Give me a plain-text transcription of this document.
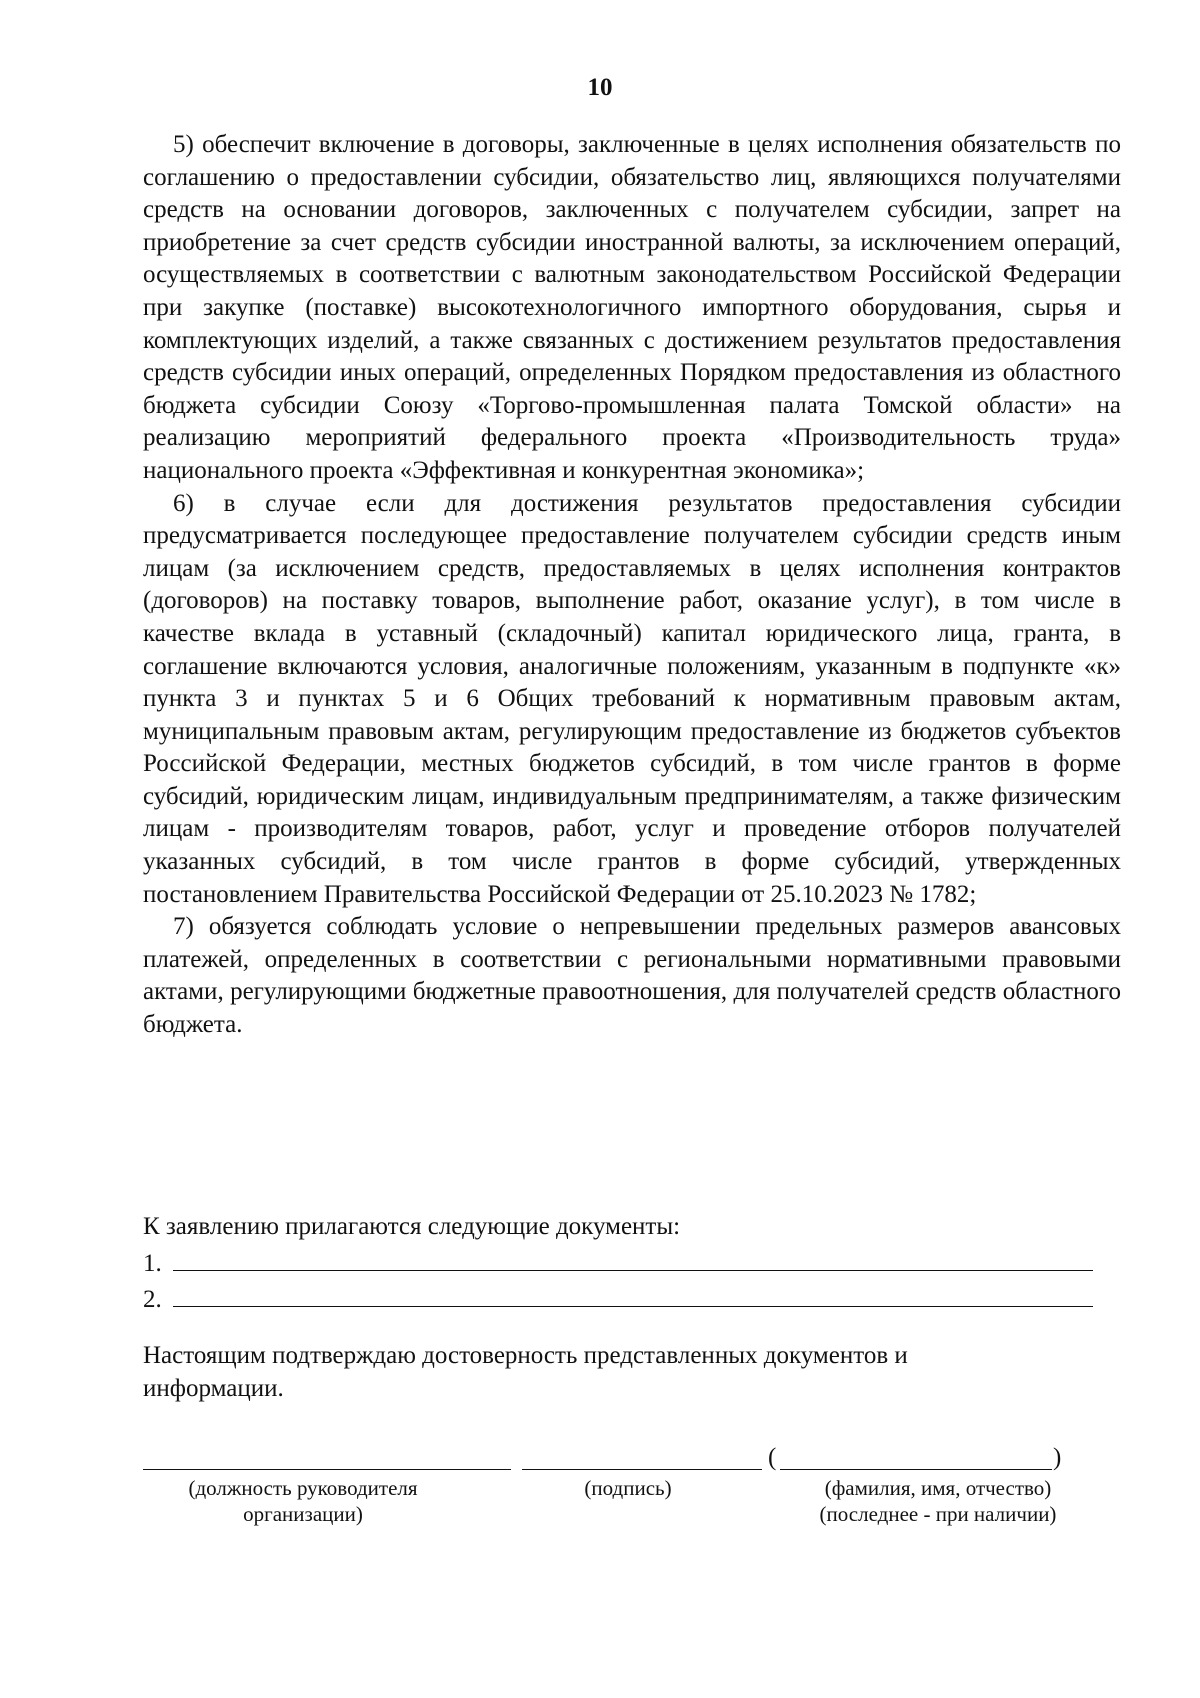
10

5) обеспечит включение в договоры, заключенные в целях исполнения обязательств по соглашению о предоставлении субсидии, обязательство лиц, являющихся получателями средств на основании договоров, заключенных с получателем субсидии, запрет на приобретение за счет средств субсидии иностранной валюты, за исключением операций, осуществляемых в соответствии с валютным законодательством Российской Федерации при закупке (поставке) высокотехнологичного импортного оборудования, сырья и комплектующих изделий, а также связанных с достижением результатов предоставления средств субсидии иных операций, определенных Порядком предоставления из областного бюджета субсидии Союзу «Торгово-промышленная палата Томской области» на реализацию мероприятий федерального проекта «Производительность труда» национального проекта «Эффективная и конкурентная экономика»;

6) в случае если для достижения результатов предоставления субсидии предусматривается последующее предоставление получателем субсидии средств иным лицам (за исключением средств, предоставляемых в целях исполнения контрактов (договоров) на поставку товаров, выполнение работ, оказание услуг), в том числе в качестве вклада в уставный (складочный) капитал юридического лица, гранта, в соглашение включаются условия, аналогичные положениям, указанным в подпункте «к» пункта 3 и пунктах 5 и 6 Общих требований к нормативным правовым актам, муниципальным правовым актам, регулирующим предоставление из бюджетов субъектов Российской Федерации, местных бюджетов субсидий, в том числе грантов в форме субсидий, юридическим лицам, индивидуальным предпринимателям, а также физическим лицам - производителям товаров, работ, услуг и проведение отборов получателей указанных субсидий, в том числе грантов в форме субсидий, утвержденных постановлением Правительства Российской Федерации от 25.10.2023 № 1782;

7) обязуется соблюдать условие о непревышении предельных размеров авансовых платежей, определенных в соответствии с региональными нормативными правовыми актами, регулирующими бюджетные правоотношения, для получателей средств областного бюджета.

К заявлению прилагаются следующие документы:
1.
2.
Настоящим подтверждаю достоверность представленных документов и информации.
(	)
(должность руководителя
организации)
(подпись)	(фамилия, имя, отчество)
(последнее - при наличии)
